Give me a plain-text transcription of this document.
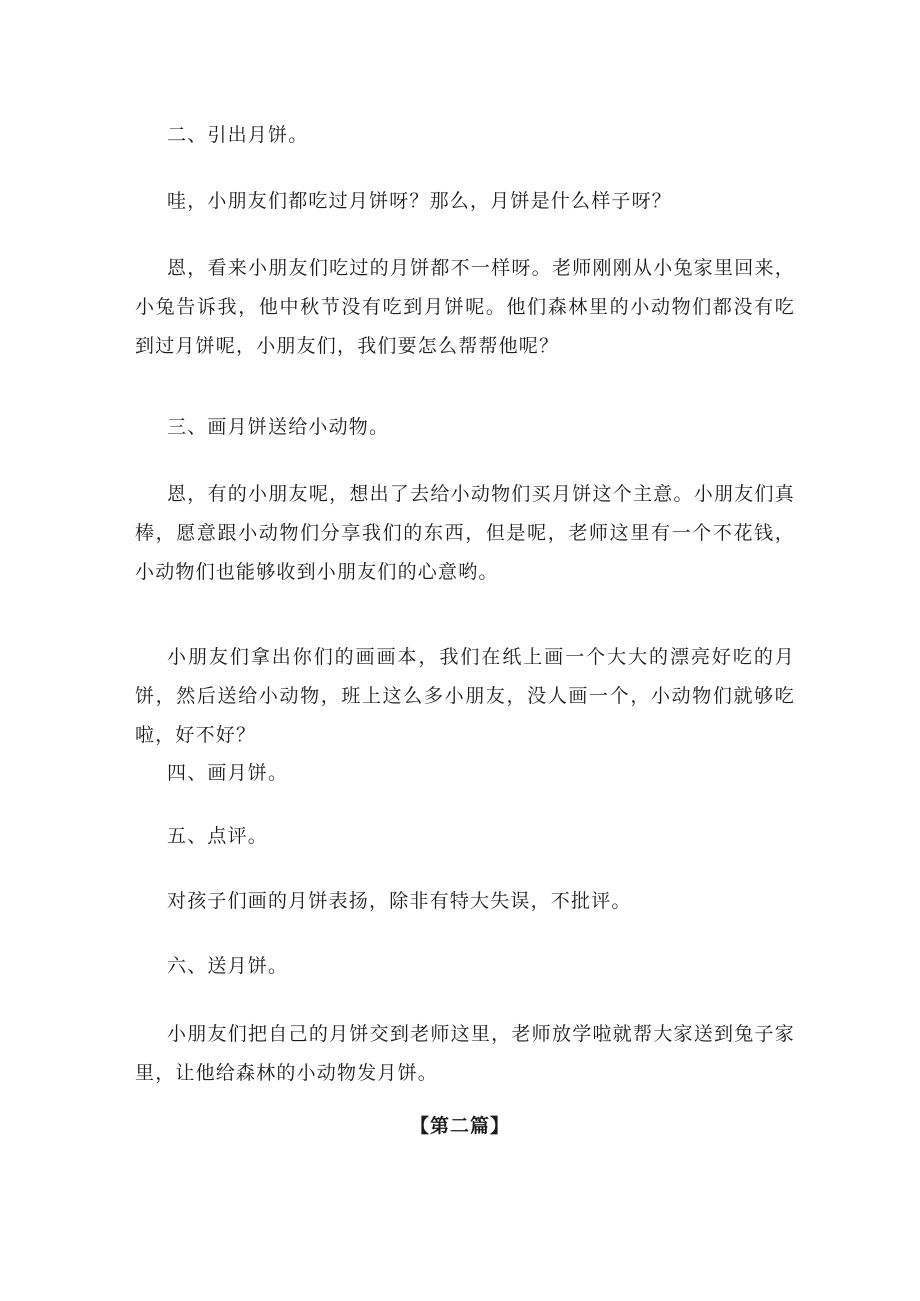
二、引出月饼。

哇，小朋友们都吃过月饼呀？那么，月饼是什么样子呀？

恩，看来小朋友们吃过的月饼都不一样呀。老师刚刚从小兔家里回来，小兔告诉我，他中秋节没有吃到月饼呢。他们森林里的小动物们都没有吃到过月饼呢，小朋友们，我们要怎么帮帮他呢？

三、画月饼送给小动物。

恩，有的小朋友呢，想出了去给小动物们买月饼这个主意。小朋友们真棒，愿意跟小动物们分享我们的东西，但是呢，老师这里有一个不花钱，小动物们也能够收到小朋友们的心意哟。

小朋友们拿出你们的画画本，我们在纸上画一个大大的漂亮好吃的月饼，然后送给小动物，班上这么多小朋友，没人画一个，小动物们就够吃啦，好不好？

四、画月饼。

五、点评。

对孩子们画的月饼表扬，除非有特大失误，不批评。

六、送月饼。

小朋友们把自己的月饼交到老师这里，老师放学啦就帮大家送到兔子家里，让他给森林的小动物发月饼。

【第二篇】
